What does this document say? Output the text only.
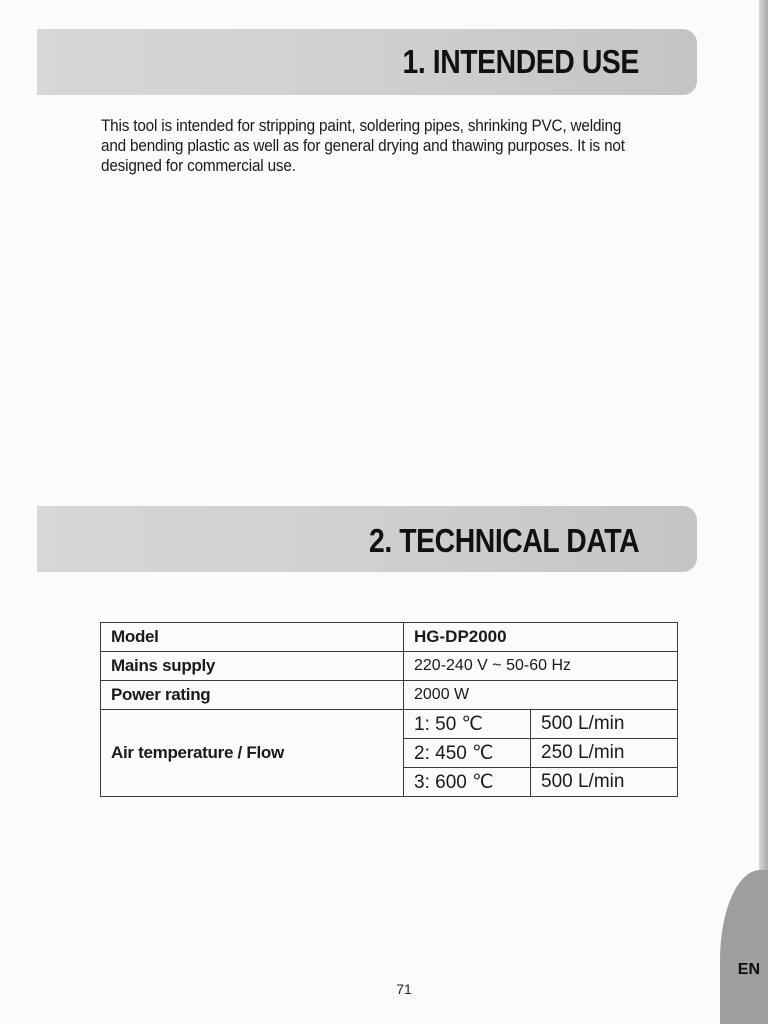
EN
1. INTENDED USE
This tool is intended for stripping paint, soldering pipes, shrinking PVC, welding
and bending plastic as well as for general drying and thawing purposes. It is not
designed for commercial use.
2. TECHNICAL DATA
Model	HG-DP2000	
Mains supply	220-240 V ~ 50-60 Hz	
Power rating	2000 W	
Air temperature / Flow	1: 50 ℃	500 L/min
	2: 450 ℃	250 L/min
	3: 600 ℃	500 L/min
71
